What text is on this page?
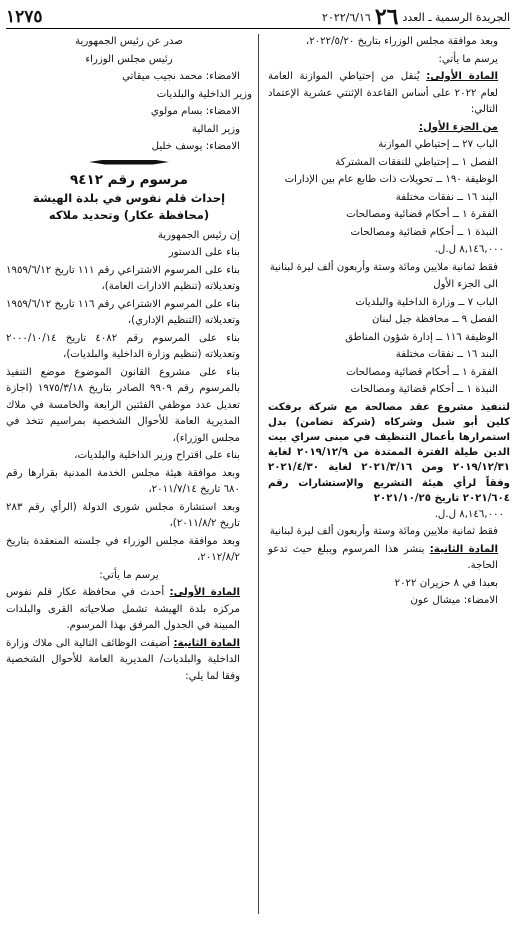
الجريدة الرسمية ـ العدد
٢٦
٢٠٢٢/٦/١٦
١٢٧٥

وبعد موافقة مجلس الوزراء بتاريخ ٢٠٢٢/٥/٢٠،

يرسم ما يأتي:

المادة الأولى: يُنقل من إحتياطي الموازنة العامة لعام ٢٠٢٢ على أساس القاعدة الإثنتي عشرية الإعتماد التالي:

من الجزء الأول:

الباب ٢٧ ــ إحتياطي الموازنة

الفصل ١ ــ إحتياطي للنفقات المشتركة

الوظيفة ١٩٠ ــ تحويلات ذات طابع عام بين الإدارات

البند ١٦ ــ نفقات مختلفة

الفقرة ١ ــ أحكام قضائية ومصالحات

النبذة ١ ــ أحكام قضائية ومصالحات

٨,١٤٦,٠٠٠ ل.ل.

فقط ثمانية ملايين ومائة وستة وأربعون ألف ليرة لبنانية

الى الجزء الأول

الباب ٧ ــ وزارة الداخلية والبلديات

الفصل ٩ ــ محافظة جبل لبنان

الوظيفة ١١٦ ــ إدارة شؤون المناطق

البند ١٦ ــ نفقات مختلفة

الفقرة ١ ــ أحكام قضائية ومصالحات

النبذة ١ ــ أحكام قضائية ومصالحات

لتنفيذ مشروع عقد مصالحة مع شركة برفكت كلين أبو شبل وشركاه (شركة تضامن) بدل استمرارها بأعمال التنظيف في مبنى سراي بيت الدين طيلة الفترة الممتدة من ٢٠١٩/١٢/٩ لغاية ٢٠١٩/١٢/٣١ ومن ٢٠٢١/٣/١٦ لغاية ٢٠٢١/٤/٣٠ وفقاً لرأي هيئة التشريع والإستشارات رقم ٢٠٢١/٦٠٤ تاريخ ٢٠٢١/١٠/٢٥

٨,١٤٦,٠٠٠ ل.ل.

فقط ثمانية ملايين ومائة وستة وأربعون ألف ليرة لبنانية

المادة الثانية: ينشر هذا المرسوم ويبلغ حيث تدعو الحاجة.

بعبدا في ٨ حزيران ٢٠٢٢

الامضاء: ميشال عون

صدر عن رئيس الجمهورية

رئيس مجلس الوزراء

الامضاء: محمد نجيب ميقاتي

وزير الداخلية والبلديات

الامضاء: بسام مولوي

وزير المالية

الامضاء: يوسف خليل

مرسوم رقم ٩٤١٢

إحداث قلم نفوس في بلدة الهيشة

(محافظة عكار) وتحديد ملاكه

إن رئيس الجمهورية

بناء على الدستور

بناء على المرسوم الاشتراعي رقم ١١١ تاريخ ١٩٥٩/٦/١٢ وتعديلاته (تنظيم الادارات العامة)،

بناء على المرسوم الاشتراعي رقم ١١٦ تاريخ ١٩٥٩/٦/١٢ وتعديلاته (التنظيم الإداري)،

بناء على المرسوم رقم ٤٠٨٢ تاريخ ٢٠٠٠/١٠/١٤ وتعديلاته (تنظيم وزارة الداخلية والبلديات)،

بناء على مشروع القانون الموضوع موضع التنفيذ بالمرسوم رقم ٩٩٠٩ الصادر بتاريخ ١٩٧٥/٣/١٨ (اجازة تعديل عدد موظفي الفئتين الرابعة والخامسة في ملاك المديرية العامة للأحوال الشخصية بمراسيم تتخذ في مجلس الوزراء)،

بناء على اقتراح وزير الداخلية والبلديات،

وبعد موافقة هيئة مجلس الخدمة المدنية بقرارها رقم ٦٨٠ تاريخ ٢٠١١/٧/١٤،

وبعد استشارة مجلس شورى الدولة (الرأي رقم ٢٨٣ تاريخ ٢٠١١/٨/٢)،

وبعد موافقة مجلس الوزراء في جلسته المنعقدة بتاريخ ٢٠١٢/٨/٢،

يرسم ما يأتي:

المادة الأولى: أحدث في محافظة عكار قلم نفوس مركزه بلدة الهيشة تشمل صلاحياته القرى والبلدات المبينة في الجدول المرفق بهذا المرسوم.

المادة الثانية: أضيفت الوظائف التالية الى ملاك وزارة الداخلية والبلديات/ المديرية العامة للأحوال الشخصية وفقا لما يلي:
